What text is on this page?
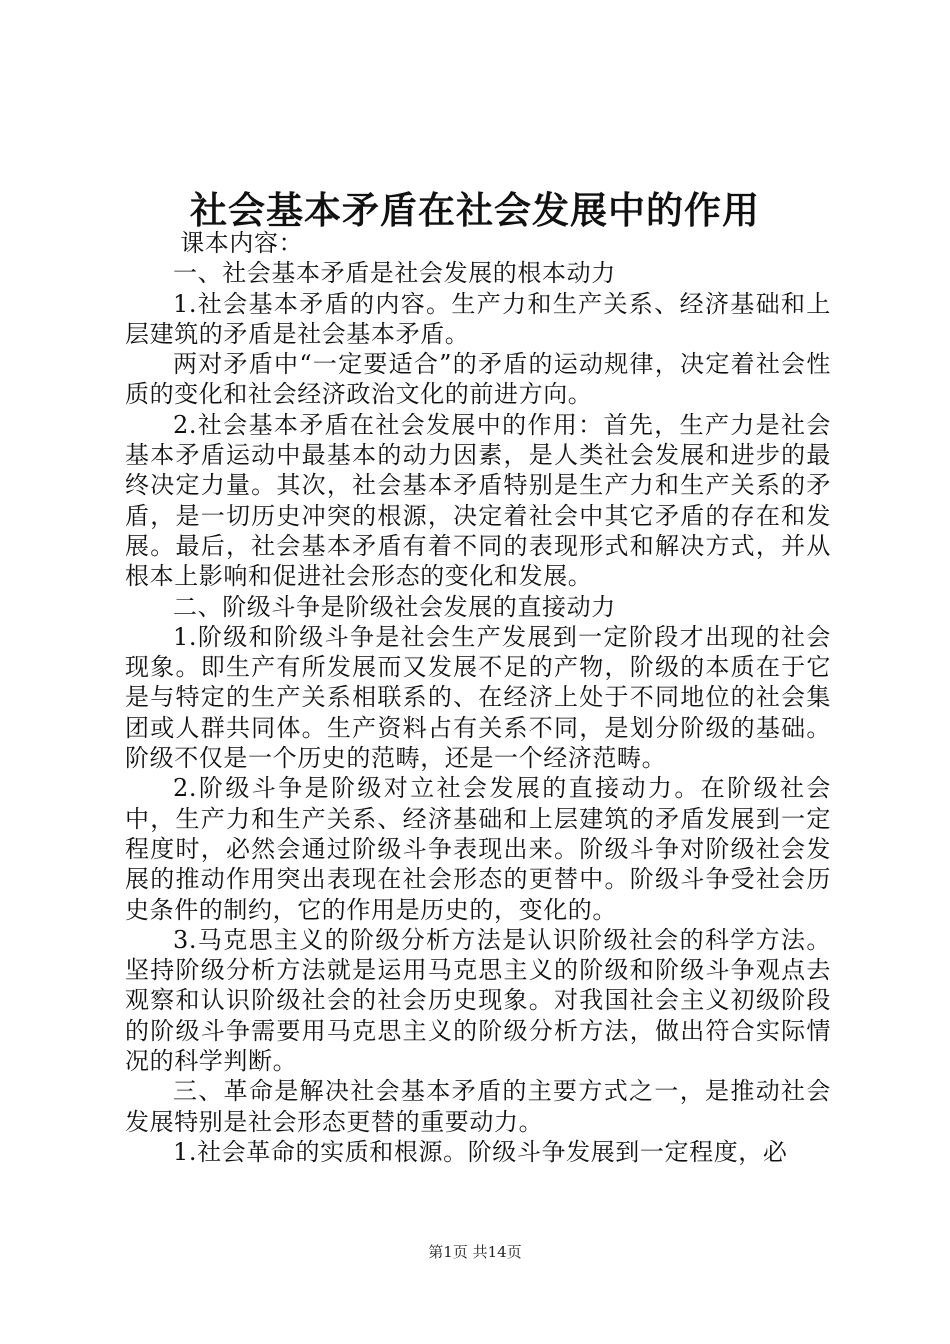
社会基本矛盾在社会发展中的作用

课本内容：

一、社会基本矛盾是社会发展的根本动力

1.社会基本矛盾的内容。生产力和生产关系、经济基础和上层建筑的矛盾是社会基本矛盾。

两对矛盾中“一定要适合”的矛盾的运动规律，决定着社会性质的变化和社会经济政治文化的前进方向。

2.社会基本矛盾在社会发展中的作用：首先，生产力是社会基本矛盾运动中最基本的动力因素，是人类社会发展和进步的最终决定力量。其次，社会基本矛盾特别是生产力和生产关系的矛盾，是一切历史冲突的根源，决定着社会中其它矛盾的存在和发展。最后，社会基本矛盾有着不同的表现形式和解决方式，并从根本上影响和促进社会形态的变化和发展。

二、阶级斗争是阶级社会发展的直接动力

1.阶级和阶级斗争是社会生产发展到一定阶段才出现的社会现象。即生产有所发展而又发展不足的产物，阶级的本质在于它是与特定的生产关系相联系的、在经济上处于不同地位的社会集团或人群共同体。生产资料占有关系不同，是划分阶级的基础。阶级不仅是一个历史的范畴，还是一个经济范畴。

2.阶级斗争是阶级对立社会发展的直接动力。在阶级社会中，生产力和生产关系、经济基础和上层建筑的矛盾发展到一定程度时，必然会通过阶级斗争表现出来。阶级斗争对阶级社会发展的推动作用突出表现在社会形态的更替中。阶级斗争受社会历史条件的制约，它的作用是历史的，变化的。

3.马克思主义的阶级分析方法是认识阶级社会的科学方法。坚持阶级分析方法就是运用马克思主义的阶级和阶级斗争观点去观察和认识阶级社会的社会历史现象。对我国社会主义初级阶段的阶级斗争需要用马克思主义的阶级分析方法，做出符合实际情况的科学判断。

三、革命是解决社会基本矛盾的主要方式之一，是推动社会发展特别是社会形态更替的重要动力。

1.社会革命的实质和根源。阶级斗争发展到一定程度，必

第1页 共14页
